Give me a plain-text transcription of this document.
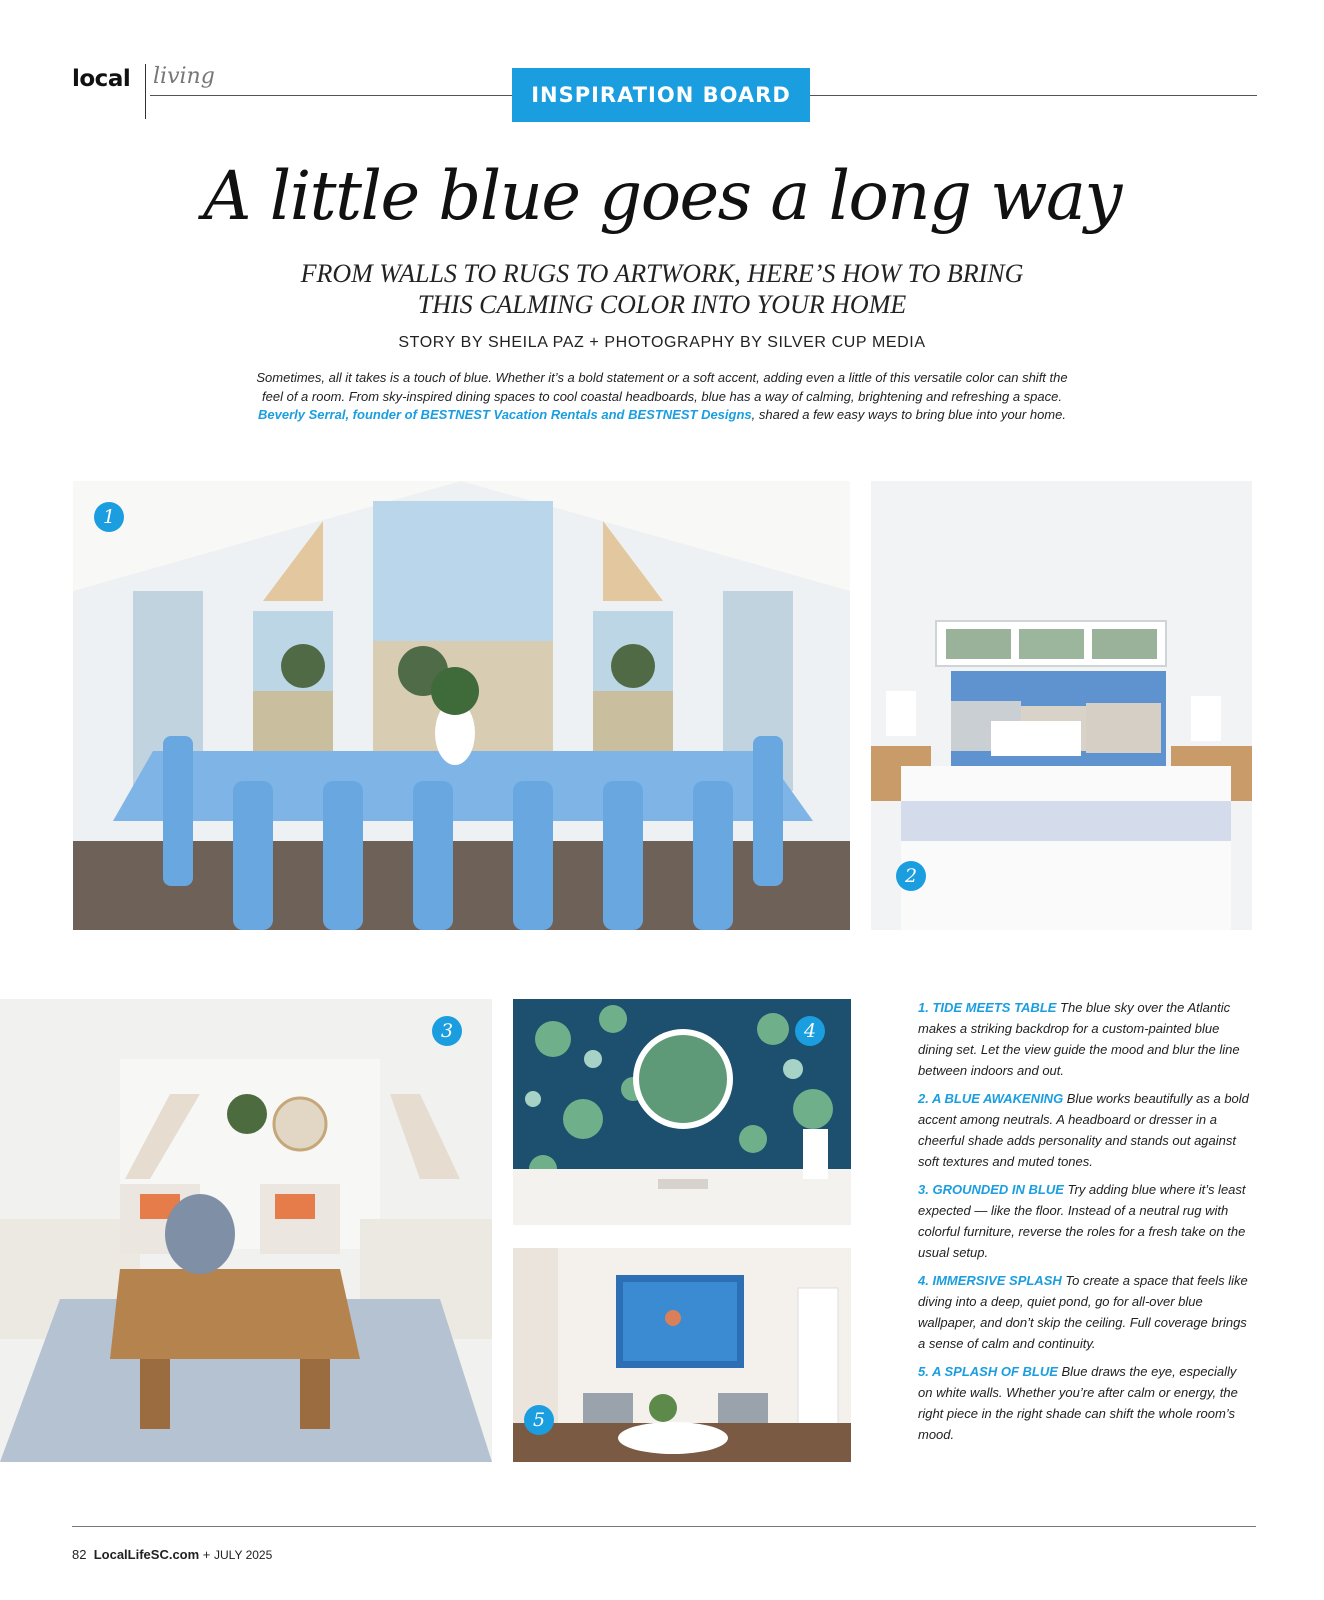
local living
INSPIRATION BOARD
A little blue goes a long way
FROM WALLS TO RUGS TO ARTWORK, HERE’S HOW TO BRING
THIS CALMING COLOR INTO YOUR HOME
STORY BY SHEILA PAZ + PHOTOGRAPHY BY SILVER CUP MEDIA
Sometimes, all it takes is a touch of blue. Whether it’s a bold statement or a soft accent, adding even a little of this versatile color can shift the
feel of a room. From sky-inspired dining spaces to cool coastal headboards, blue has a way of calming, brightening and refreshing a space.
Beverly Serral, founder of BESTNEST Vacation Rentals and BESTNEST Designs, shared a few easy ways to bring blue into your home.
1
2
3	4
5

1. TIDE MEETS TABLE The blue sky over the Atlantic makes a striking backdrop for a custom-painted blue dining set. Let the view guide the mood and blur the line between indoors and out.

2. A BLUE AWAKENING Blue works beautifully as a bold accent among neutrals. A headboard or dresser in a cheerful shade adds personality and stands out against soft textures and muted tones.

3. GROUNDED IN BLUE Try adding blue where it’s least expected — like the floor. Instead of a neutral rug with colorful furniture, reverse the roles for a fresh take on the usual setup.

4. IMMERSIVE SPLASH To create a space that feels like diving into a deep, quiet pond, go for all-over blue wallpaper, and don’t skip the ceiling. Full coverage brings a sense of calm and continuity.

5. A SPLASH OF BLUE Blue draws the eye, especially on white walls. Whether you’re after calm or energy, the right piece in the right shade can shift the whole room’s mood.

82 LocalLifeSC.com + JULY 2025
